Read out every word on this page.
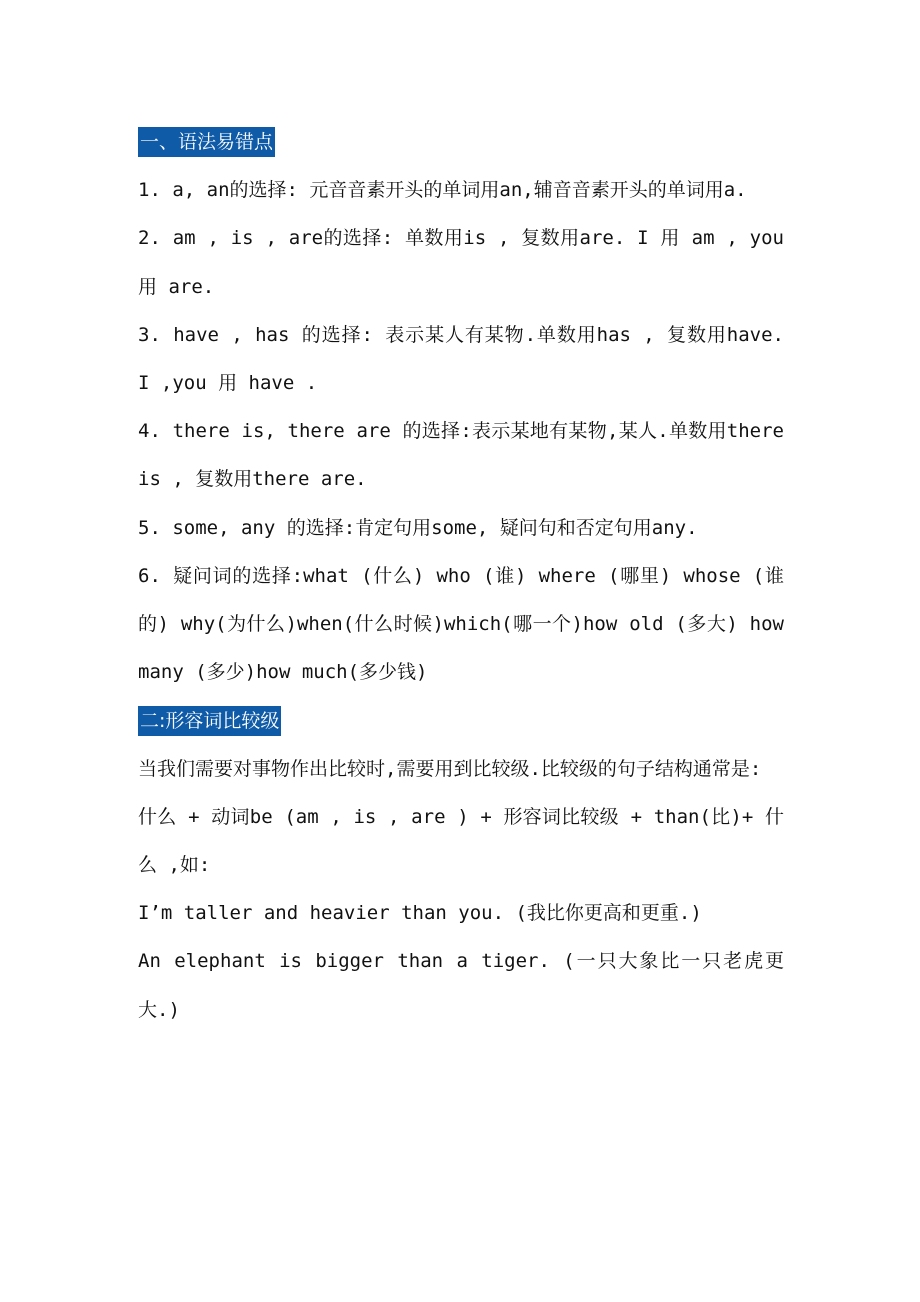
一、语法易错点

1. a, an的选择: 元音音素开头的单词用an,辅音音素开头的单词用a.

2. am , is , are的选择: 单数用is , 复数用are. I 用 am , you 用 are.

3. have , has 的选择: 表示某人有某物.单数用has , 复数用have. I ,you 用 have .

4. there is, there are 的选择:表示某地有某物,某人.单数用there is , 复数用there are.

5. some, any 的选择:肯定句用some, 疑问句和否定句用any.

6. 疑问词的选择:what (什么) who (谁) where (哪里) whose (谁的) why(为什么)when(什么时候)which(哪一个)how old (多大) how many (多少)how much(多少钱)

二:形容词比较级

当我们需要对事物作出比较时,需要用到比较级.比较级的句子结构通常是:

什么 + 动词be (am , is , are ) + 形容词比较级 + than(比)+ 什么 ,如:

I’m taller and heavier than you. (我比你更高和更重.)

An elephant is bigger than a tiger. (一只大象比一只老虎更大.)
